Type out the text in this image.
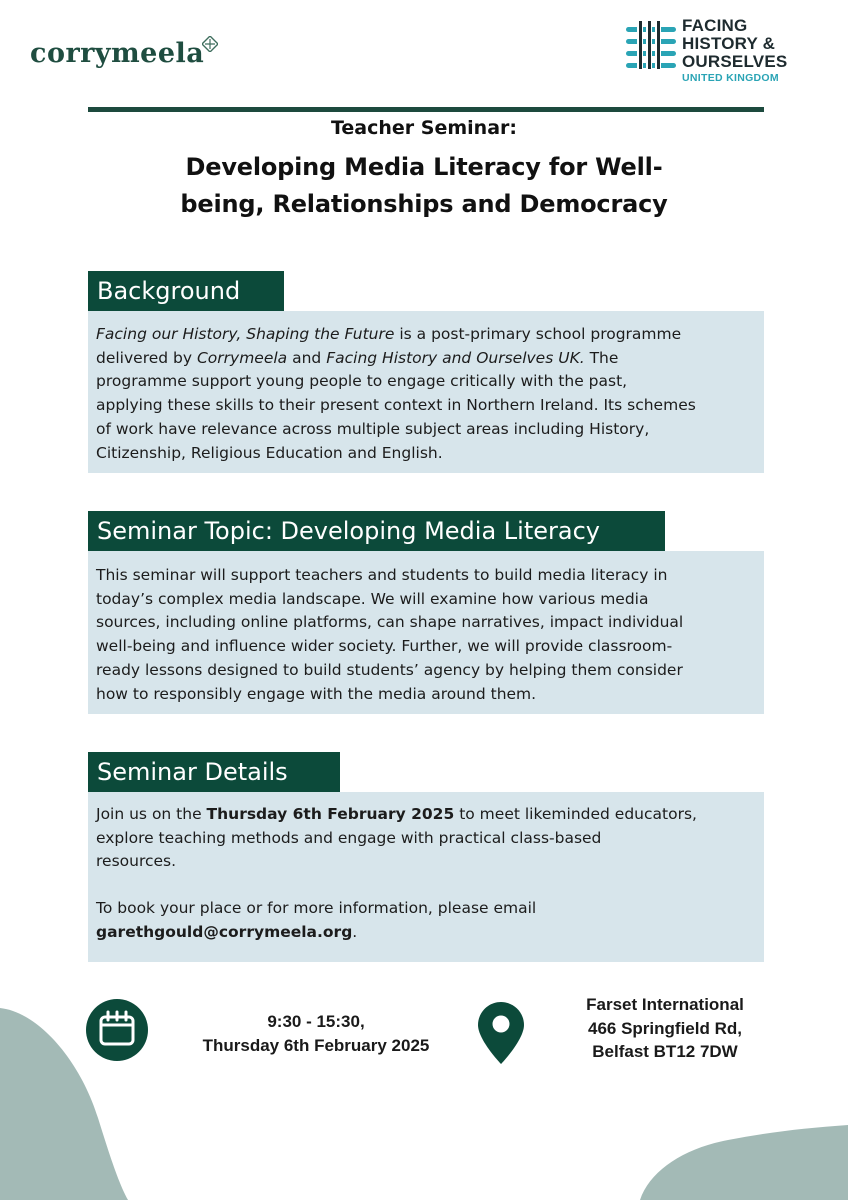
corrymeela
FACING
HISTORY &
OURSELVES
UNITED KINGDOM
Teacher Seminar:
Developing Media Literacy for Well-
being, Relationships and Democracy
Background
Facing our History, Shaping the Future is a post-primary school programme
delivered by Corrymeela and Facing History and Ourselves UK. The
programme support young people to engage critically with the past,
applying these skills to their present context in Northern Ireland. Its schemes
of work have relevance across multiple subject areas including History,
Citizenship, Religious Education and English.
Seminar Topic: Developing Media Literacy
This seminar will support teachers and students to build media literacy in
today’s complex media landscape. We will examine how various media
sources, including online platforms, can shape narratives, impact individual
well-being and influence wider society. Further, we will provide classroom-
ready lessons designed to build students’ agency by helping them consider
how to responsibly engage with the media around them.
Seminar Details
Join us on the Thursday 6th February 2025 to meet likeminded educators,
explore teaching methods and engage with practical class-based
resources.
To book your place or for more information, please email
garethgould@corrymeela.org.
9:30 - 15:30,
Thursday 6th February 2025
Farset International
466 Springfield Rd,
Belfast BT12 7DW
